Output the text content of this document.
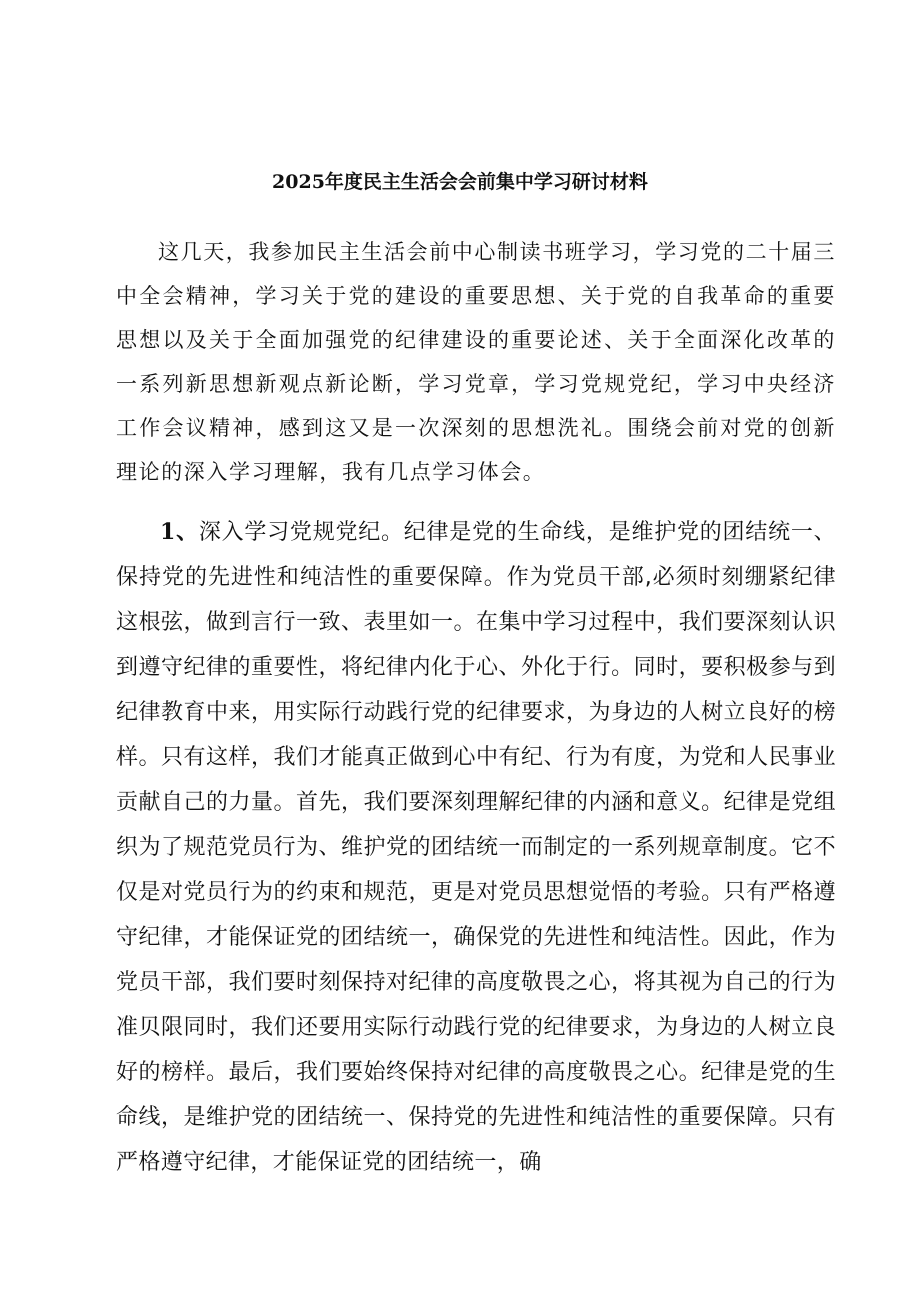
2025年度民主生活会会前集中学习研讨材料

这几天，我参加民主生活会前中心制读书班学习，学习党的二十届三中全会精神，学习关于党的建设的重要思想、关于党的自我革命的重要思想以及关于全面加强党的纪律建设的重要论述、关于全面深化改革的一系列新思想新观点新论断，学习党章，学习党规党纪，学习中央经济工作会议精神，感到这又是一次深刻的思想洗礼。围绕会前对党的创新理论的深入学习理解，我有几点学习体会。

1、深入学习党规党纪。纪律是党的生命线，是维护党的团结统一、保持党的先进性和纯洁性的重要保障。作为党员干部,必须时刻绷紧纪律这根弦，做到言行一致、表里如一。在集中学习过程中，我们要深刻认识到遵守纪律的重要性，将纪律内化于心、外化于行。同时，要积极参与到纪律教育中来，用实际行动践行党的纪律要求，为身边的人树立良好的榜样。只有这样，我们才能真正做到心中有纪、行为有度，为党和人民事业贡献自己的力量。首先，我们要深刻理解纪律的内涵和意义。纪律是党组织为了规范党员行为、维护党的团结统一而制定的一系列规章制度。它不仅是对党员行为的约束和规范，更是对党员思想觉悟的考验。只有严格遵守纪律，才能保证党的团结统一，确保党的先进性和纯洁性。因此，作为党员干部，我们要时刻保持对纪律的高度敬畏之心，将其视为自己的行为准贝限同时，我们还要用实际行动践行党的纪律要求，为身边的人树立良好的榜样。最后，我们要始终保持对纪律的高度敬畏之心。纪律是党的生命线，是维护党的团结统一、保持党的先进性和纯洁性的重要保障。只有严格遵守纪律，才能保证党的团结统一，确
